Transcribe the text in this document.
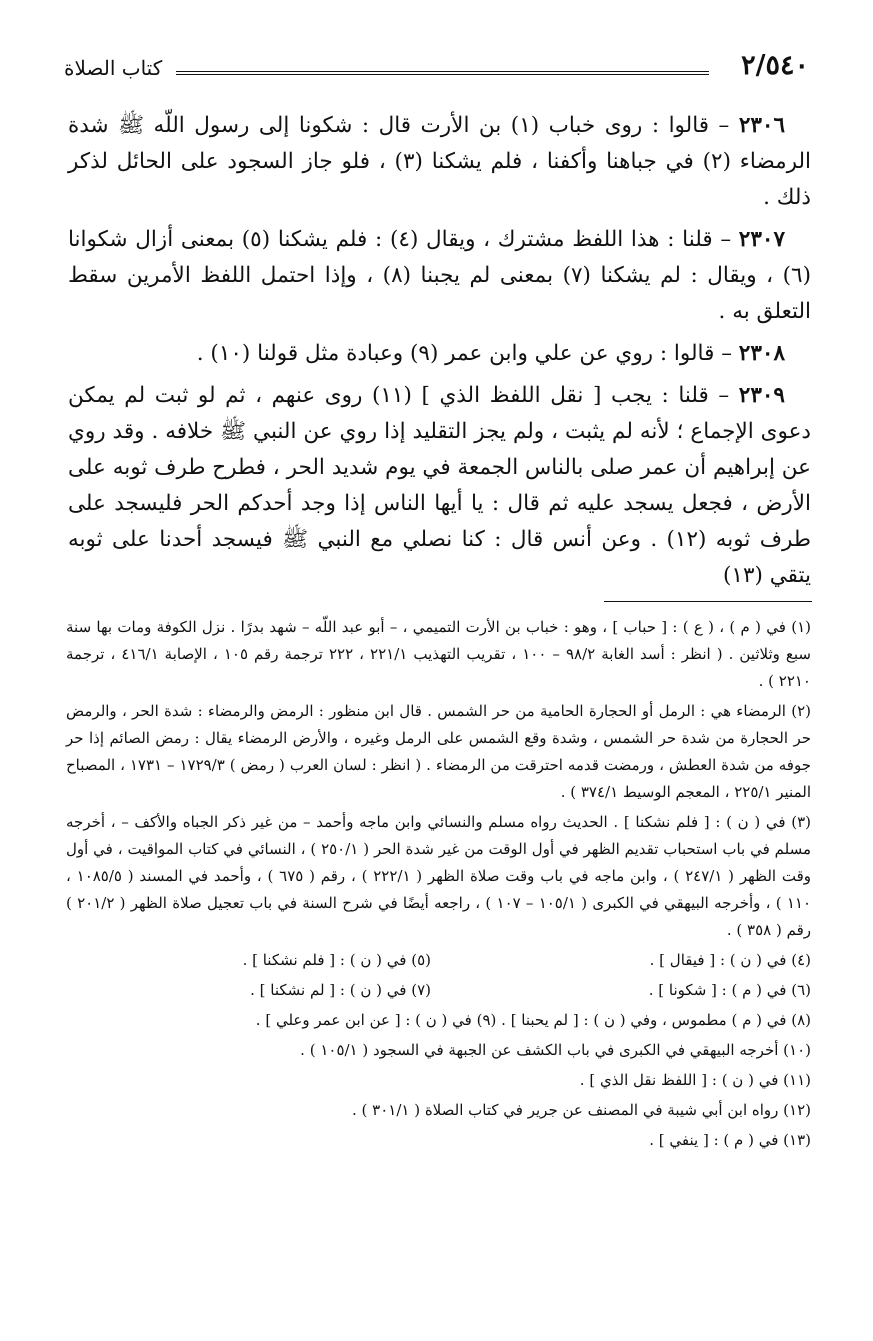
كتاب الصلاة	٢/٥٤٠

٢٣٠٦ – قالوا : روى خباب (١) بن الأرت قال : شكونا إلى رسول اللّه ﷺ شدة الرمضاء (٢) في جباهنا وأكفنا ، فلم يشكنا (٣) ، فلو جاز السجود على الحائل لذكر ذلك .

٢٣٠٧ – قلنا : هذا اللفظ مشترك ، ويقال (٤) : فلم يشكنا (٥) بمعنى أزال شكوانا (٦) ، ويقال : لم يشكنا (٧) بمعنى لم يجبنا (٨) ، وإذا احتمل اللفظ الأمرين سقط التعلق به .

٢٣٠٨ – قالوا : روي عن علي وابن عمر (٩) وعبادة مثل قولنا (١٠) .

٢٣٠٩ – قلنا : يجب [ نقل اللفظ الذي ] (١١) روى عنهم ، ثم لو ثبت لم يمكن دعوى الإجماع ؛ لأنه لم يثبت ، ولم يجز التقليد إذا روي عن النبي ﷺ خلافه . وقد روي عن إبراهيم أن عمر صلى بالناس الجمعة في يوم شديد الحر ، فطرح طرف ثوبه على الأرض ، فجعل يسجد عليه ثم قال : يا أيها الناس إذا وجد أحدكم الحر فليسجد على طرف ثوبه (١٢) . وعن أنس قال : كنا نصلي مع النبي ﷺ فيسجد أحدنا على ثوبه يتقي (١٣)

(١) في ( م ) ، ( ع ) : [ حباب ] ، وهو : خباب بن الأرت التميمي ، – أبو عبد اللّه – شهد بدرًا . نزل الكوفة ومات بها سنة سبع وثلاثين . ( انظر : أسد الغابة ٩٨/٢ – ١٠٠ ، تقريب التهذيب ٢٢١/١ ، ٢٢٢ ترجمة رقم ١٠٥ ، الإصابة ٤١٦/١ ، ترجمة ٢٢١٠ ) .

(٢) الرمضاء هي : الرمل أو الحجارة الحامية من حر الشمس . قال ابن منظور : الرمض والرمضاء : شدة الحر ، والرمض حر الحجارة من شدة حر الشمس ، وشدة وقع الشمس على الرمل وغيره ، والأرض الرمضاء يقال : رمض الصائم إذا حر جوفه من شدة العطش ، ورمضت قدمه احترقت من الرمضاء . ( انظر : لسان العرب ( رمض ) ١٧٢٩/٣ – ١٧٣١ ، المصباح المنير ٢٢٥/١ ، المعجم الوسيط ٣٧٤/١ ) .

(٣) في ( ن ) : [ فلم نشكنا ] . الحديث رواه مسلم والنسائي وابن ماجه وأحمد – من غير ذكر الجباه والأكف – ، أخرجه مسلم في باب استحباب تقديم الظهر في أول الوقت من غير شدة الحر ( ٢٥٠/١ ) ، النسائي في كتاب المواقيت ، في أول وقت الظهر ( ٢٤٧/١ ) ، وابن ماجه في باب وقت صلاة الظهر ( ٢٢٢/١ ) ، رقم ( ٦٧٥ ) ، وأحمد في المسند ( ١٠٨٥/٥ ، ١١٠ ) ، وأخرجه البيهقي في الكبرى ( ١٠٥/١ – ١٠٧ ) ، راجعه أيضًا في شرح السنة في باب تعجيل صلاة الظهر ( ٢٠١/٢ ) رقم ( ٣٥٨ ) .

(٤) في ( ن ) : [ فيقال ] .
(٥) في ( ن ) : [ فلم نشكنا ] .
(٦) في ( م ) : [ شكونا ] .
(٧) في ( ن ) : [ لم نشكنا ] .

(٨) في ( م ) مطموس ، وفي ( ن ) : [ لم يحبنا ] . (٩) في ( ن ) : [ عن ابن عمر وعلي ] .

(١٠) أخرجه البيهقي في الكبرى في باب الكشف عن الجبهة في السجود ( ١٠٥/١ ) .

(١١) في ( ن ) : [ اللفظ نقل الذي ] .

(١٢) رواه ابن أبي شيبة في المصنف عن جرير في كتاب الصلاة ( ٣٠١/١ ) .

(١٣) في ( م ) : [ ينفي ] .
